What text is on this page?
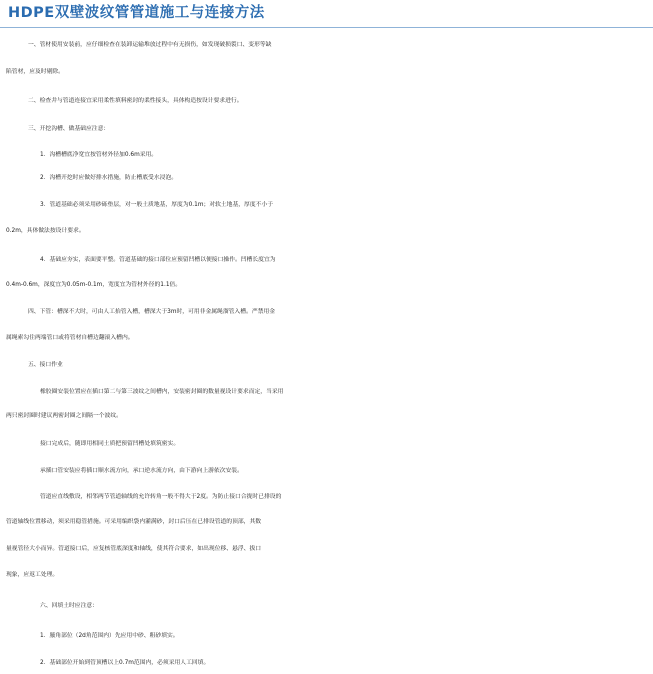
HDPE双壁波纹管管道施工与连接方法
一、管材使用安装前，应仔细检查在装卸运输堆放过程中有无损伤，如发现破损裂口、变形等缺
陷管材，应及时剔除。
二、检查井与管道连接宜采用柔性填料密封的柔性接头，具体构造按设计要求进行。
三、开挖沟槽、做基础应注意：
1．沟槽槽底净宽宜按管材外径加0.6m采用。
2．沟槽开挖时应做好排水措施，防止槽底受水浸泡。
3．管道基础必须采用砂砾垫层，对一般土质地基，厚度为0.1m；对软土地基，厚度不小于
0.2m，具体做法按设计要求。
4．基础应夯实，表面要平整。管道基础的接口部位应预留凹槽以便接口操作。凹槽长度宜为
0.4m-0.6m，深度宜为0.05m-0.1m，宽度宜为管材外径的1.1倍。
四、下管：槽深不大时，可由人工抬管入槽，槽深大于3m时，可用非金属绳溜管入槽。严禁用金
属绳索勾住两端管口或将管材自槽边翻滚入槽内。
五、接口作业
橡胶圈安装位置应在插口第二与第三波纹之间槽内，安装密封圈的数量视设计要求而定，当采用
两只密封圈时建议两密封圈之间隔一个波纹。
接口完成后，随即用相同土质把预留凹槽处填筑密实。
承插口管安装应将插口顺水流方向，承口逆水流方向，由下游向上游依次安装。
管道应直线敷设，相邻两节管道轴线的允许转角一般不得大于2度。为防止接口合拢时已排设的
管道轴线位置移动，须采用稳管措施。可采用编织袋内灌满砂，封口后压在已排设管道的顶部，其数
量视管径大小而异。管道接口后，应复核管底深度和轴线，使其符合要求，如出现位移、悬浮、拔口
现象，应返工处理。
六、回填土时应注意：
1．腋角部位（2d角范围内）先应用中砂、粗砂填实。
2．基础部位开始到管顶槽以上0.7m范围内，必须采用人工回填。
